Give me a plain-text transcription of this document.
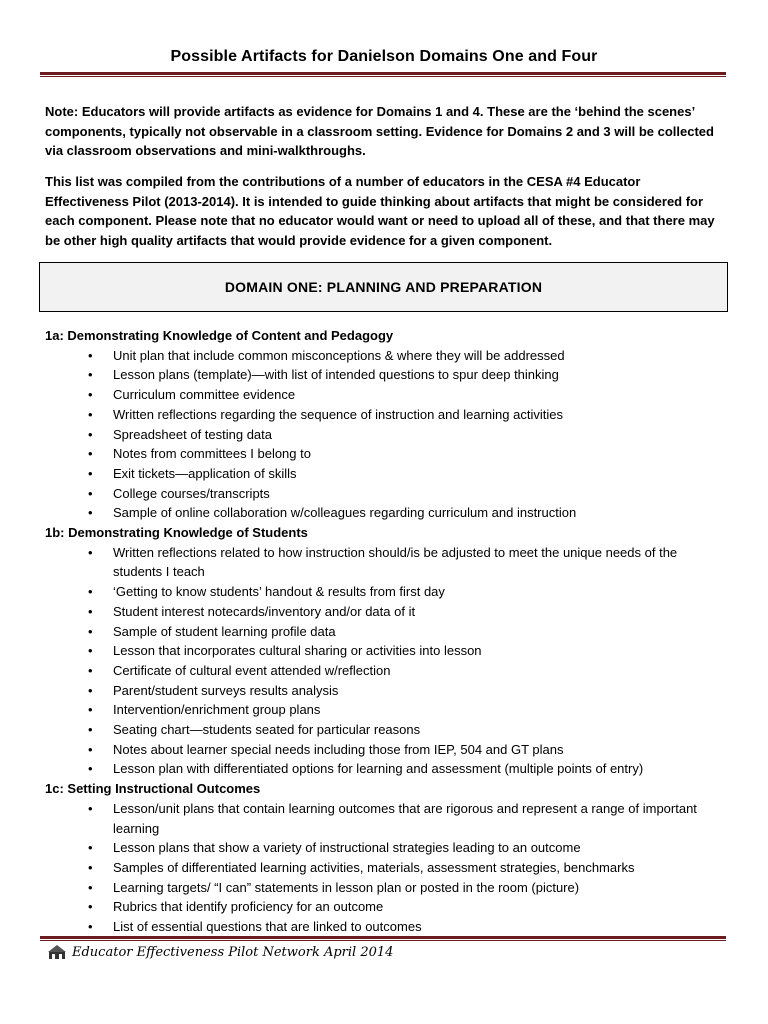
Possible Artifacts for Danielson Domains One and Four
Note: Educators will provide artifacts as evidence for Domains 1 and 4. These are the ‘behind the scenes’ components, typically not observable in a classroom setting. Evidence for Domains 2 and 3 will be collected via classroom observations and mini-walkthroughs.
This list was compiled from the contributions of a number of educators in the CESA #4 Educator Effectiveness Pilot (2013-2014). It is intended to guide thinking about artifacts that might be considered for each component. Please note that no educator would want or need to upload all of these, and that there may be other high quality artifacts that would provide evidence for a given component.
DOMAIN ONE: PLANNING AND PREPARATION
1a: Demonstrating Knowledge of Content and Pedagogy
• Unit plan that include common misconceptions & where they will be addressed
• Lesson plans (template)—with list of intended questions to spur deep thinking
• Curriculum committee evidence
• Written reflections regarding the sequence of instruction and learning activities
• Spreadsheet of testing data
• Notes from committees I belong to
• Exit tickets—application of skills
• College courses/transcripts
• Sample of online collaboration w/colleagues regarding curriculum and instruction
1b: Demonstrating Knowledge of Students
• Written reflections related to how instruction should/is be adjusted to meet the unique needs of the students I teach
• ‘Getting to know students’ handout & results from first day
• Student interest notecards/inventory and/or data of it
• Sample of student learning profile data
• Lesson that incorporates cultural sharing or activities into lesson
• Certificate of cultural event attended w/reflection
• Parent/student surveys results analysis
• Intervention/enrichment group plans
• Seating chart—students seated for particular reasons
• Notes about learner special needs including those from IEP, 504 and GT plans
• Lesson plan with differentiated options for learning and assessment (multiple points of entry)
1c: Setting Instructional Outcomes
• Lesson/unit plans that contain learning outcomes that are rigorous and represent a range of important learning
• Lesson plans that show a variety of instructional strategies leading to an outcome
• Samples of differentiated learning activities, materials, assessment strategies, benchmarks
• Learning targets/ “I can” statements in lesson plan or posted in the room (picture)
• Rubrics that identify proficiency for an outcome
• List of essential questions that are linked to outcomes
Educator Effectiveness Pilot Network April 2014
